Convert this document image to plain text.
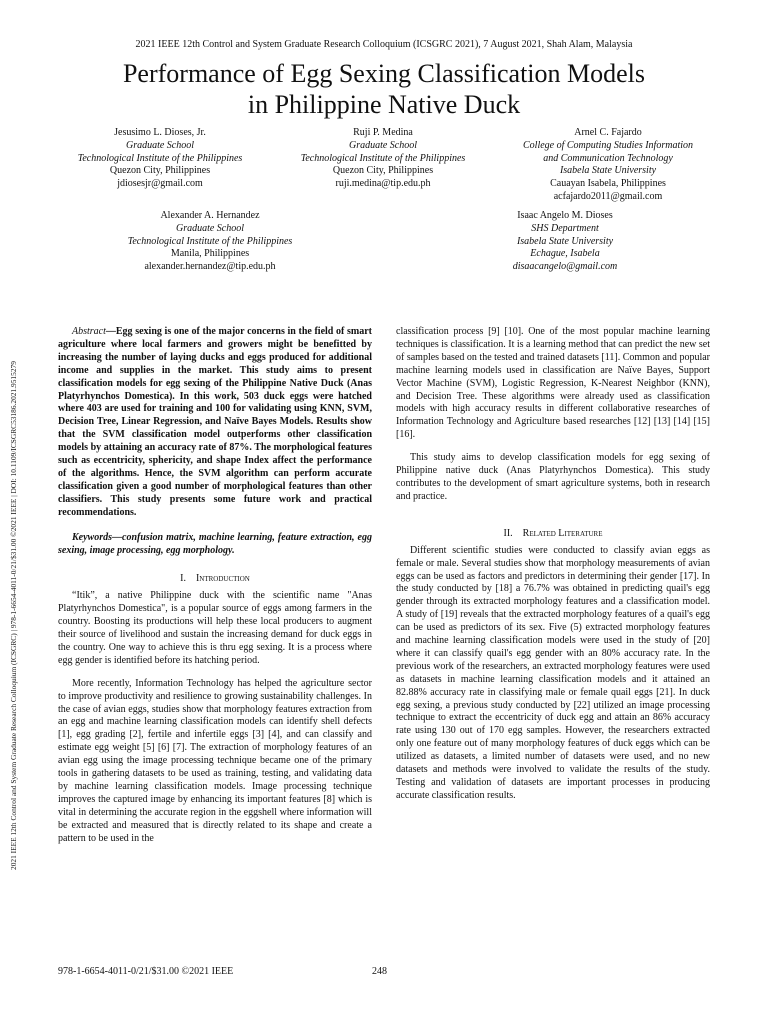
2021 IEEE 12th Control and System Graduate Research Colloquium (ICSGRC 2021), 7 August 2021, Shah Alam, Malaysia
Performance of Egg Sexing Classification Models
in Philippine Native Duck
2021 IEEE 12th Control and System Graduate Research Colloquium (ICSGRC) | 978-1-6654-4011-0/21/$31.00 ©2021 IEEE | DOI: 10.1109/ICSGRC53186.2021.9515279
Jesusimo L. Dioses, Jr.
Graduate School
Technological Institute of the Philippines
Quezon City, Philippines
jdiosesjr@gmail.com
Ruji P. Medina
Graduate School
Technological Institute of the Philippines
Quezon City, Philippines
ruji.medina@tip.edu.ph
Arnel C. Fajardo
College of Computing Studies Information
and Communication Technology
Isabela State University
Cauayan Isabela, Philippines
acfajardo2011@gmail.com
Alexander A. Hernandez
Graduate School
Technological Institute of the Philippines
Manila, Philippines
alexander.hernandez@tip.edu.ph
Isaac Angelo M. Dioses
SHS Department
Isabela State University
Echague, Isabela
disaacangelo@gmail.com

Abstract—Egg sexing is one of the major concerns in the field of smart agriculture where local farmers and growers might be benefitted by increasing the number of laying ducks and eggs produced for additional income and supplies in the market. This study aims to present classification models for egg sexing of the Philippine Native Duck (Anas Platyrhynchos Domestica). In this work, 503 duck eggs were hatched where 403 are used for training and 100 for validating using KNN, SVM, Decision Tree, Linear Regression, and Naïve Bayes Models. Results show that the SVM classification model outperforms other classification models by attaining an accuracy rate of 87%. The morphological features such as eccentricity, sphericity, and shape Index affect the performance of the algorithms. Hence, the SVM algorithm can perform accurate classification given a good number of morphological features than other classifiers. This study presents some future work and practical recommendations.

Keywords—confusion matrix, machine learning, feature extraction, egg sexing, image processing, egg morphology.

I. Introduction

“Itik”, a native Philippine duck with the scientific name "Anas Platyrhynchos Domestica", is a popular source of eggs among farmers in the country. Boosting its productions will help these local producers to augment their source of livelihood and sustain the increasing demand for duck eggs in the country. One way to achieve this is thru egg sexing. It is a process where egg gender is identified before its hatching period.

More recently, Information Technology has helped the agriculture sector to improve productivity and resilience to growing sustainability challenges. In the case of avian eggs, studies show that morphology features extraction from an egg and machine learning classification models can identify shell defects [1], egg grading [2], fertile and infertile eggs [3] [4], and can classify and estimate egg weight [5] [6] [7]. The extraction of morphology features of an avian egg using the image processing technique became one of the primary tools in gathering datasets to be used as training, testing, and validating data by machine learning classification models. Image processing technique improves the captured image by enhancing its important features [8] which is vital in determining the accurate region in the eggshell where information will be extracted and measured that is directly related to its shape and create a pattern to be used in the

classification process [9] [10]. One of the most popular machine learning techniques is classification. It is a learning method that can predict the new set of samples based on the tested and trained datasets [11]. Common and popular machine learning models used in classification are Naïve Bayes, Support Vector Machine (SVM), Logistic Regression, K-Nearest Neighbor (KNN), and Decision Tree. These algorithms were already used as classification models with high accuracy results in different collaborative researches of Information Technology and Agriculture based researches [12] [13] [14] [15] [16].

This study aims to develop classification models for egg sexing of Philippine native duck (Anas Platyrhynchos Domestica). This study contributes to the development of smart agriculture systems, both in research and practice.

II. Related Literature

Different scientific studies were conducted to classify avian eggs as female or male. Several studies show that morphology measurements of avian eggs can be used as factors and predictors in determining their gender [17]. In the study conducted by [18] a 76.7% was obtained in predicting quail's egg gender through its extracted morphology features and a classification model. A study of [19] reveals that the extracted morphology features of a quail's egg can be used as predictors of its sex. Five (5) extracted morphology features and machine learning classification models were used in the study of [20] where it can classify quail's egg gender with an 80% accuracy rate. In the previous work of the researchers, an extracted morphology features were used as datasets in machine learning classification models and it attained an 82.88% accuracy rate in classifying male or female quail eggs [21]. In duck egg sexing, a previous study conducted by [22] utilized an image processing technique to extract the eccentricity of duck egg and attain an 86% accuracy rate using 130 out of 170 egg samples. However, the researchers extracted only one feature out of many morphology features of duck eggs which can be utilized as datasets, a limited number of datasets were used, and no new datasets and methods were involved to validate the results of the study. Testing and validation of datasets are important processes in producing accurate classification results.

978-1-6654-4011-0/21/$31.00 ©2021 IEEE	248
